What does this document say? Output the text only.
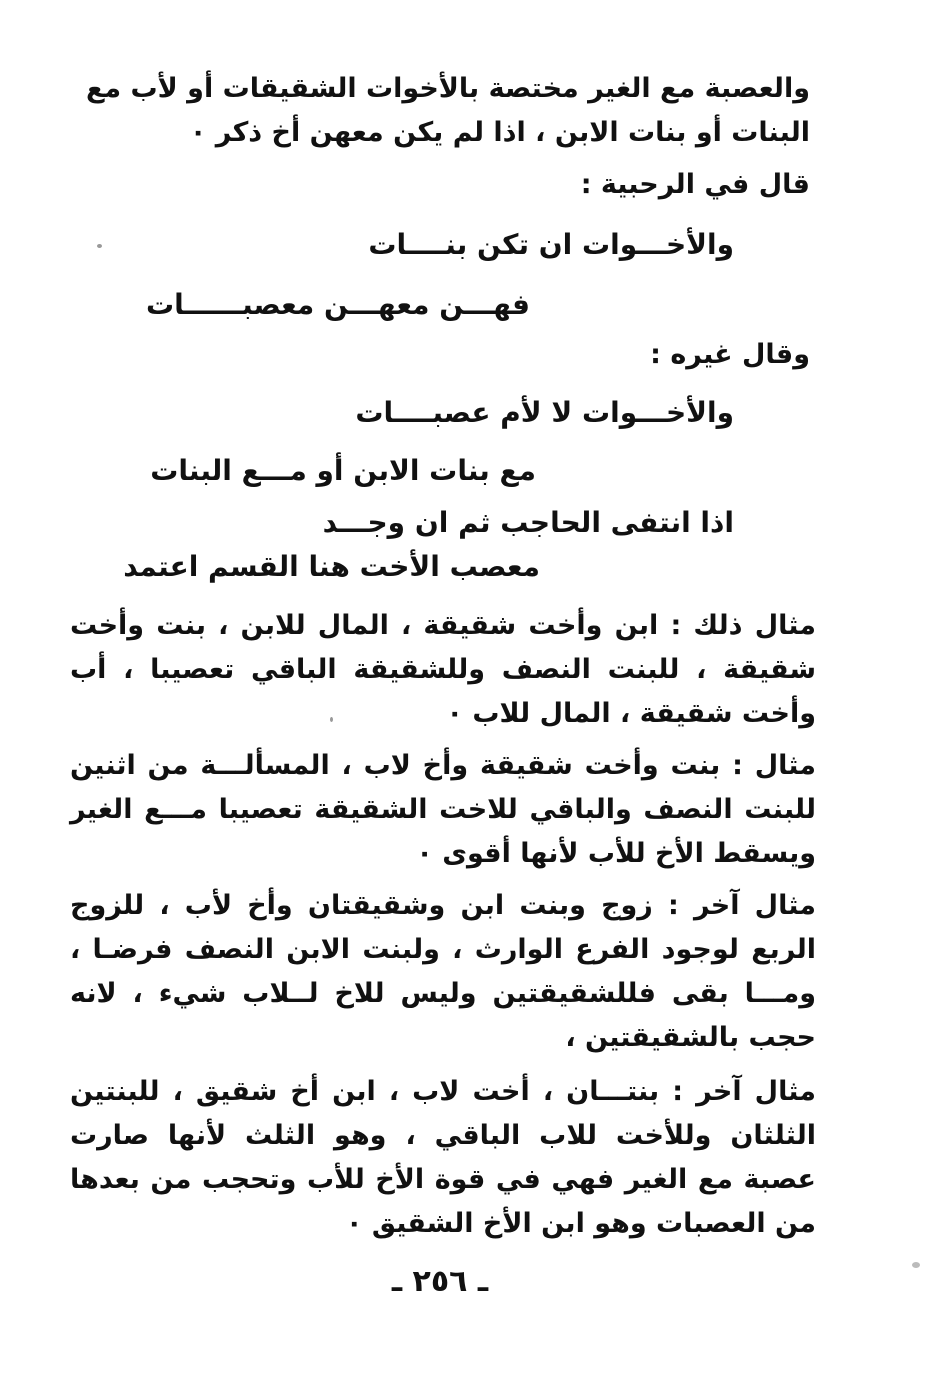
والعصبة مع الغير مختصة بالأخوات الشقيقات أو لأب مع
البنات أو بنات الابن ، اذا لم يكن معهن أخ ذكر ٠
قال في الرحبية :
والأخـــوات ان تكن بنــــات
فهـــن معهـــن معصبــــــات
وقال غيره :
والأخـــوات لا لأم عصبــــات
مع بنات الابن أو مـــع البنات
اذا انتفى الحاجب ثم ان وجـــد
معصب الأخت هنا القسم اعتمد
مثال ذلك : ابن وأخت شقيقة ، المال للابن ، بنت وأخت شقيقة ، للبنت النصف وللشقيقة الباقي تعصيبا ، أب وأخت شقيقة ، المال للاب ٠
مثال : بنت وأخت شقيقة وأخ لاب ، المسألـــة من اثنين للبنت النصف والباقي للاخت الشقيقة تعصيبا مـــع الغير ويسقط الأخ للأب لأنها أقوى ٠
مثال آخر : زوج وبنت ابن وشقيقتان وأخ لأب ، للزوج الربع لوجود الفرع الوارث ، ولبنت الابن النصف فرضـا ، ومـــا بقى فللشقيقتين وليس للاخ لــلاب شيء ، لانه حجب بالشقيقتين ،
مثال آخر : بنتـــان ، أخت لاب ، ابن أخ شقيق ، للبنتين الثلثان وللأخت للاب الباقي ، وهو الثلث لأنها صارت عصبة مع الغير فهي في قوة الأخ للأب وتحجب من بعدها من العصبات وهو ابن الأخ الشقيق ٠
ـ ٢٥٦ ـ
